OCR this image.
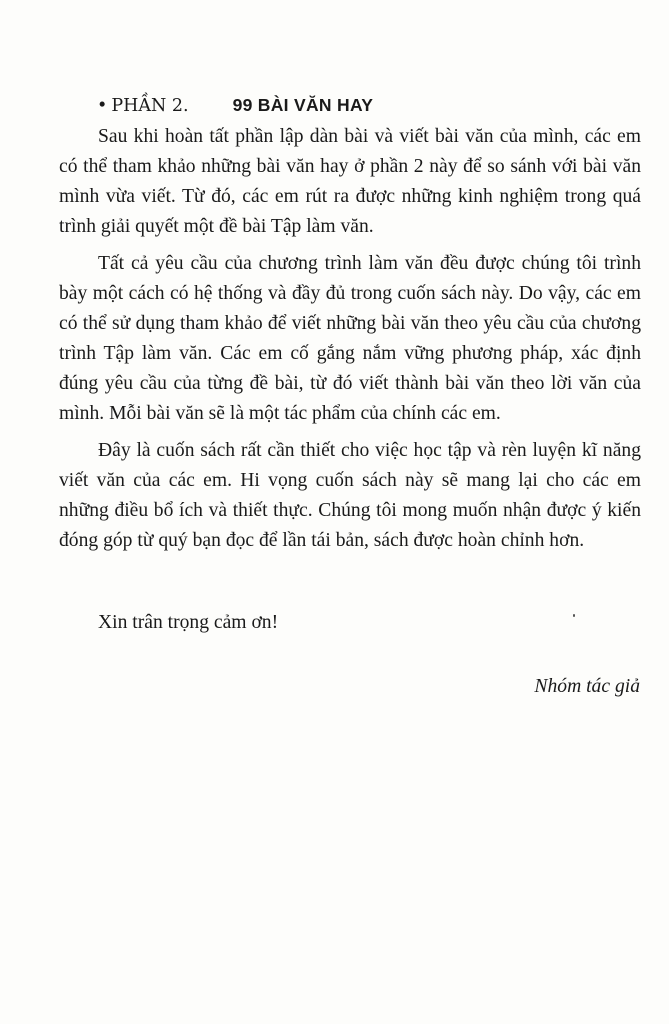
• PHẦN 2.	99 BÀI VĂN HAY

Sau khi hoàn tất phần lập dàn bài và viết bài văn của mình, các em có thể tham khảo những bài văn hay ở phần 2 này để so sánh với bài văn mình vừa viết. Từ đó, các em rút ra được những kinh nghiệm trong quá trình giải quyết một đề bài Tập làm văn.

Tất cả yêu cầu của chương trình làm văn đều được chúng tôi trình bày một cách có hệ thống và đầy đủ trong cuốn sách này. Do vậy, các em có thể sử dụng tham khảo để viết những bài văn theo yêu cầu của chương trình Tập làm văn. Các em cố gắng nắm vững phương pháp, xác định đúng yêu cầu của từng đề bài, từ đó viết thành bài văn theo lời văn của mình. Mỗi bài văn sẽ là một tác phẩm của chính các em.

Đây là cuốn sách rất cần thiết cho việc học tập và rèn luyện kĩ năng viết văn của các em. Hi vọng cuốn sách này sẽ mang lại cho các em những điều bổ ích và thiết thực. Chúng tôi mong muốn nhận được ý kiến đóng góp từ quý bạn đọc để lần tái bản, sách được hoàn chỉnh hơn.

Xin trân trọng cảm ơn!
Nhóm tác giả
